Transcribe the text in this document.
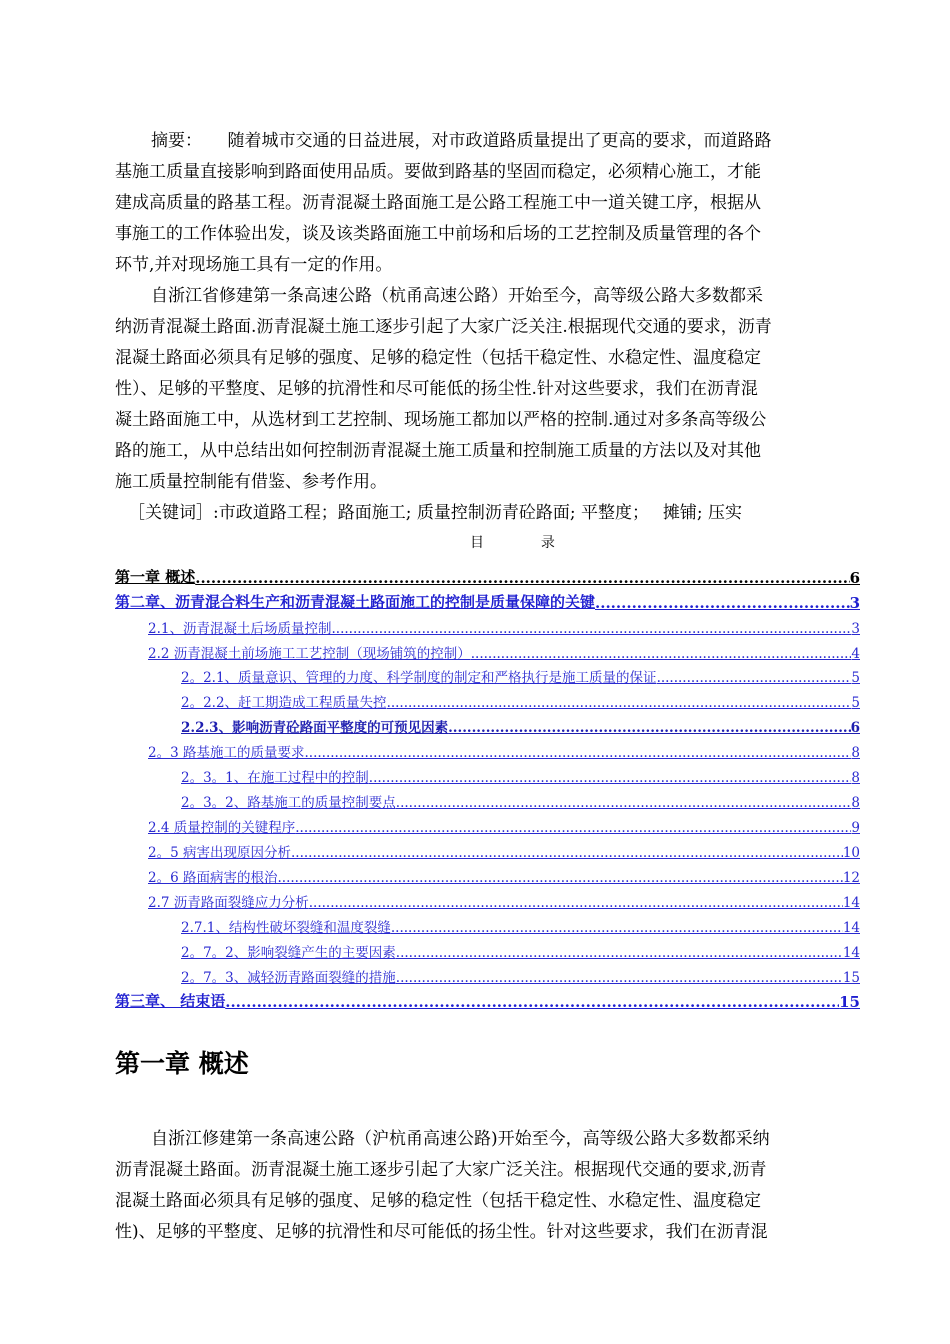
摘要：　　随着城市交通的日益进展，对市政道路质量提出了更高的要求，而道路路
基施工质量直接影响到路面使用品质。要做到路基的坚固而稳定，必须精心施工，才能
建成高质量的路基工程。沥青混凝土路面施工是公路工程施工中一道关键工序，根据从
事施工的工作体验出发，谈及该类路面施工中前场和后场的工艺控制及质量管理的各个
环节,并对现场施工具有一定的作用。
自浙江省修建第一条高速公路（杭甬高速公路）开始至今，高等级公路大多数都采
纳沥青混凝土路面.沥青混凝土施工逐步引起了大家广泛关注.根据现代交通的要求，沥青
混凝土路面必须具有足够的强度、足够的稳定性（包括干稳定性、水稳定性、温度稳定
性）、足够的平整度、足够的抗滑性和尽可能低的扬尘性.针对这些要求，我们在沥青混
凝土路面施工中，从选材到工艺控制、现场施工都加以严格的控制.通过对多条高等级公
路的施工，从中总结出如何控制沥青混凝土施工质量和控制施工质量的方法以及对其他
施工质量控制能有借鉴、参考作用。
［关键词］:市政道路工程；路面施工; 质量控制沥青砼路面; 平整度；　 摊铺; 压实
目	录
第一章 概述 .....	6
第二章、沥青混合料生产和沥青混凝土路面施工的控制是质量保障的关键 .....	3
2.1、沥青混凝土后场质量控制 .....	3
2.2 沥青混凝土前场施工工艺控制（现场铺筑的控制） .....	4
2。2.1、质量意识、管理的力度、科学制度的制定和严格执行是施工质量的保证 .....	5
2。2.2、赶工期造成工程质量失控 .....	5
2.2.3、影响沥青砼路面平整度的可预见因素 .....	6
2。3 路基施工的质量要求 .....	8
2。3。1、在施工过程中的控制 .....	8
2。3。2、路基施工的质量控制要点 .....	8
2.4 质量控制的关键程序 .....	9
2。5 病害出现原因分析 .....	10
2。6 路面病害的根治 .....	12
2.7 沥青路面裂缝应力分析 .....	14
2.7.1、结构性破坏裂缝和温度裂缝 .....	14
2。7。2、影响裂缝产生的主要因素 .....	14
2。7。3、减轻沥青路面裂缝的措施 .....	15
第三章、 结束语 .....	15
第一章 概述
自浙江修建第一条高速公路（沪杭甬高速公路)开始至今，高等级公路大多数都采纳
沥青混凝土路面。沥青混凝土施工逐步引起了大家广泛关注。根据现代交通的要求,沥青
混凝土路面必须具有足够的强度、足够的稳定性（包括干稳定性、水稳定性、温度稳定
性)、足够的平整度、足够的抗滑性和尽可能低的扬尘性。针对这些要求，我们在沥青混
